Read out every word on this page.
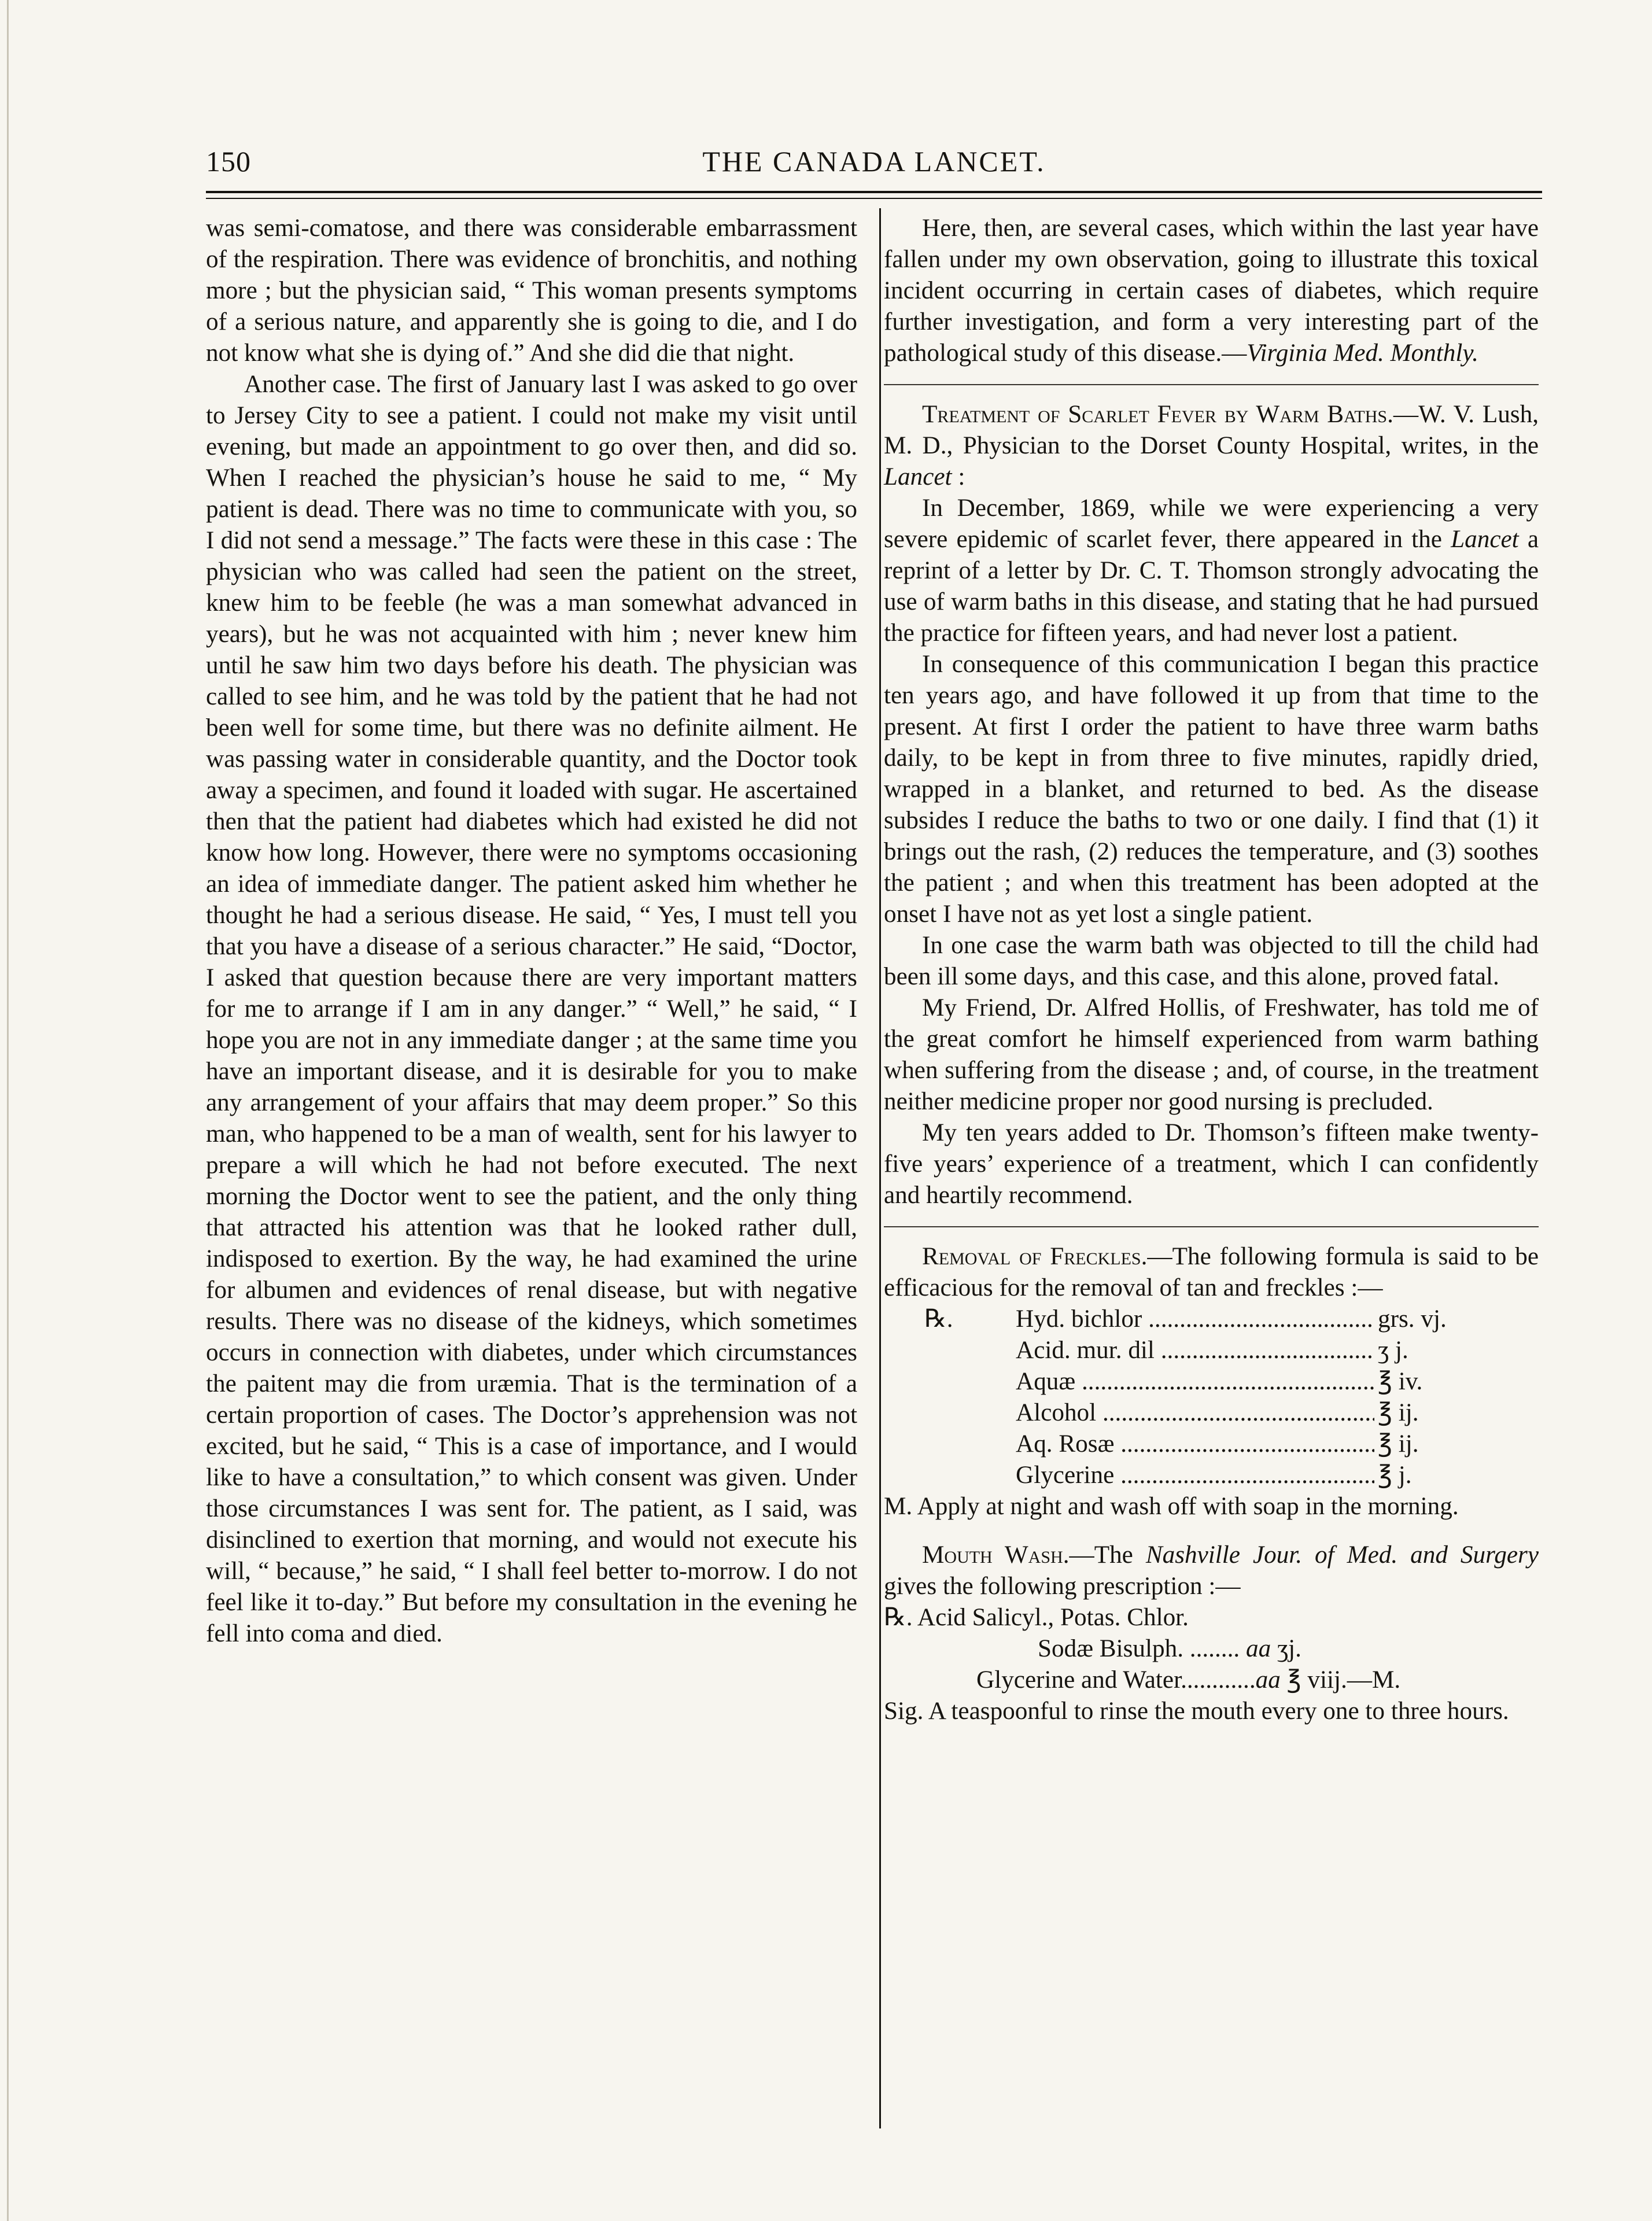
150	THE CANADA LANCET.

was semi-comatose, and there was considerable embarrassment of the respiration. There was evidence of bronchitis, and nothing more ; but the physician said, “ This woman presents symptoms of a serious nature, and apparently she is going to die, and I do not know what she is dying of.” And she did die that night.

Another case. The first of January last I was asked to go over to Jersey City to see a patient. I could not make my visit until evening, but made an appointment to go over then, and did so. When I reached the physician’s house he said to me, “ My patient is dead. There was no time to communicate with you, so I did not send a message.” The facts were these in this case : The physician who was called had seen the patient on the street, knew him to be feeble (he was a man somewhat advanced in years), but he was not acquainted with him ; never knew him until he saw him two days before his death. The physician was called to see him, and he was told by the patient that he had not been well for some time, but there was no definite ailment. He was passing water in considerable quantity, and the Doctor took away a specimen, and found it loaded with sugar. He ascertained then that the patient had diabetes which had existed he did not know how long. However, there were no symptoms occasioning an idea of immediate danger. The patient asked him whether he thought he had a serious disease. He said, “ Yes, I must tell you that you have a disease of a serious character.” He said, “Doctor, I asked that question because there are very important matters for me to arrange if I am in any danger.” “ Well,” he said, “ I hope you are not in any immediate danger ; at the same time you have an important disease, and it is desirable for you to make any arrangement of your affairs that may deem proper.” So this man, who happened to be a man of wealth, sent for his lawyer to prepare a will which he had not before executed. The next morning the Doctor went to see the patient, and the only thing that attracted his attention was that he looked rather dull, indisposed to exertion. By the way, he had examined the urine for albumen and evidences of renal disease, but with negative results. There was no disease of the kidneys, which sometimes occurs in connection with diabetes, under which circumstances the paitent may die from uræmia. That is the termination of a certain proportion of cases. The Doctor’s apprehension was not excited, but he said, “ This is a case of importance, and I would like to have a consultation,” to which consent was given. Under those circumstances I was sent for. The patient, as I said, was disinclined to exertion that morning, and would not execute his will, “ because,” he said, “ I shall feel better to-morrow. I do not feel like it to-day.” But before my consultation in the evening he fell into coma and died.

Here, then, are several cases, which within the last year have fallen under my own observation, going to illustrate this toxical incident occurring in certain cases of diabetes, which require further investigation, and form a very interesting part of the pathological study of this disease.—Virginia Med. Monthly.

Treatment of Scarlet Fever by Warm Baths.—W. V. Lush, M. D., Physician to the Dorset County Hospital, writes, in the Lancet :

In December, 1869, while we were experiencing a very severe epidemic of scarlet fever, there appeared in the Lancet a reprint of a letter by Dr. C. T. Thomson strongly advocating the use of warm baths in this disease, and stating that he had pursued the practice for fifteen years, and had never lost a patient.

In consequence of this communication I began this practice ten years ago, and have followed it up from that time to the present. At first I order the patient to have three warm baths daily, to be kept in from three to five minutes, rapidly dried, wrapped in a blanket, and returned to bed. As the disease subsides I reduce the baths to two or one daily. I find that (1) it brings out the rash, (2) reduces the temperature, and (3) soothes the patient ; and when this treatment has been adopted at the onset I have not as yet lost a single patient.

In one case the warm bath was objected to till the child had been ill some days, and this case, and this alone, proved fatal.

My Friend, Dr. Alfred Hollis, of Freshwater, has told me of the great comfort he himself experienced from warm bathing when suffering from the disease ; and, of course, in the treatment neither medicine proper nor good nursing is precluded.

My ten years added to Dr. Thomson’s fifteen make twenty-five years’ experience of a treatment, which I can confidently and heartily recommend.

Removal of Freckles.—The following formula is said to be efficacious for the removal of tan and freckles :—

℞.	Hyd. bichlor .....	grs. vj.
Acid. mur. dil .....	ʒ j.
Aquæ .....	℥ iv.
Alcohol .....	℥ ij.
Aq. Rosæ .....	℥ ij.
Glycerine .....	℥ j.

M. Apply at night and wash off with soap in the morning.

Mouth Wash.—The Nashville Jour. of Med. and Surgery gives the following prescription :—

℞. Acid Salicyl., Potas. Chlor.
Sodæ Bisulph. ........ aa ʒj.
Glycerine and Water............aa ℥ viij.—M.

Sig. A teaspoonful to rinse the mouth every one to three hours.
